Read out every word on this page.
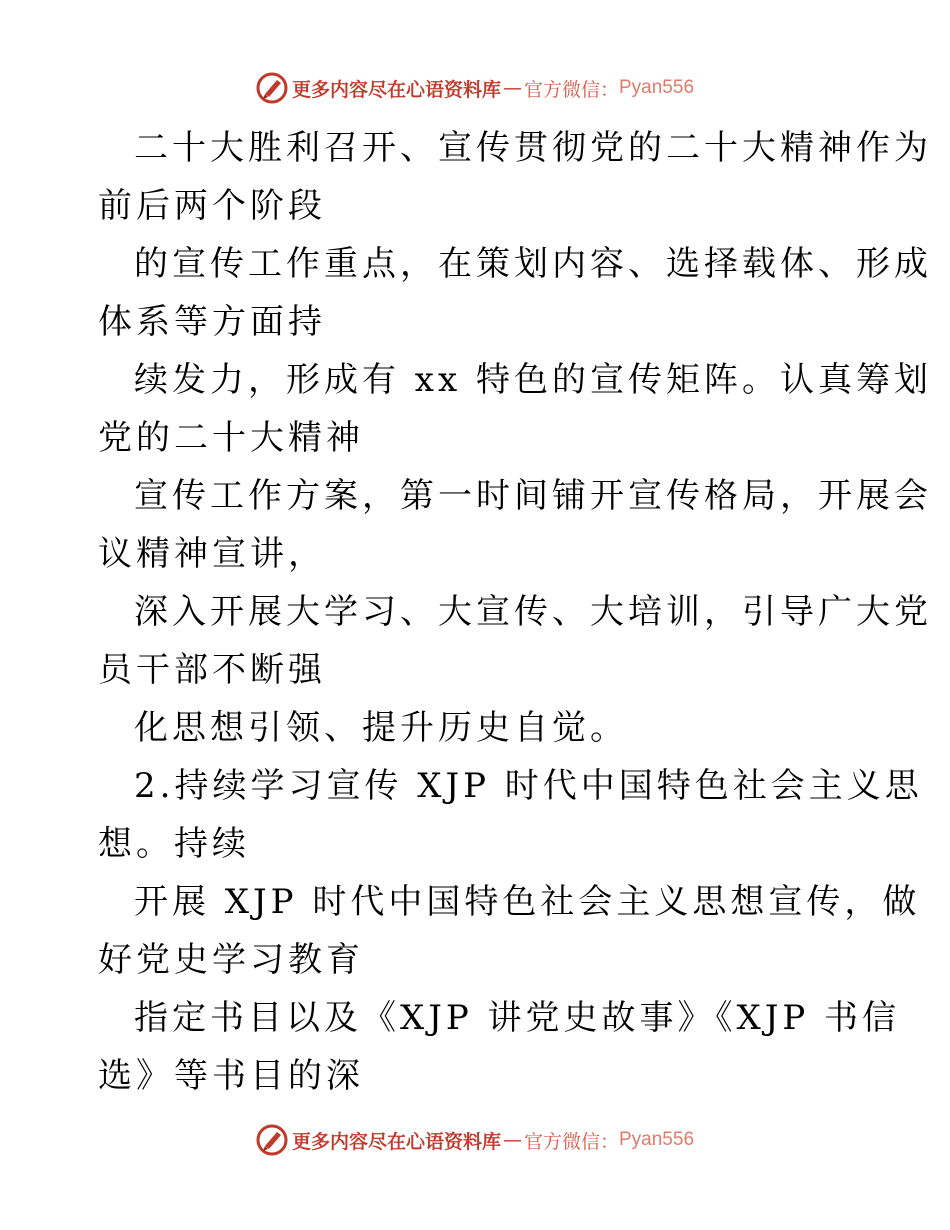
更多内容尽在心语资料库 — 官方微信： Pyan556
二十大胜利召开、宣传贯彻党的二十大精神作为
前后两个阶段
的宣传工作重点，在策划内容、选择载体、形成
体系等方面持
续发力，形成有 xx 特色的宣传矩阵。认真筹划
党的二十大精神
宣传工作方案，第一时间铺开宣传格局，开展会
议精神宣讲，
深入开展大学习、大宣传、大培训，引导广大党
员干部不断强
化思想引领、提升历史自觉。
2.持续学习宣传 XJP 时代中国特色社会主义思
想。持续
开展 XJP 时代中国特色社会主义思想宣传，做
好党史学习教育
指定书目以及《XJP 讲党史故事》《XJP 书信
选》等书目的深
更多内容尽在心语资料库 — 官方微信： Pyan556
